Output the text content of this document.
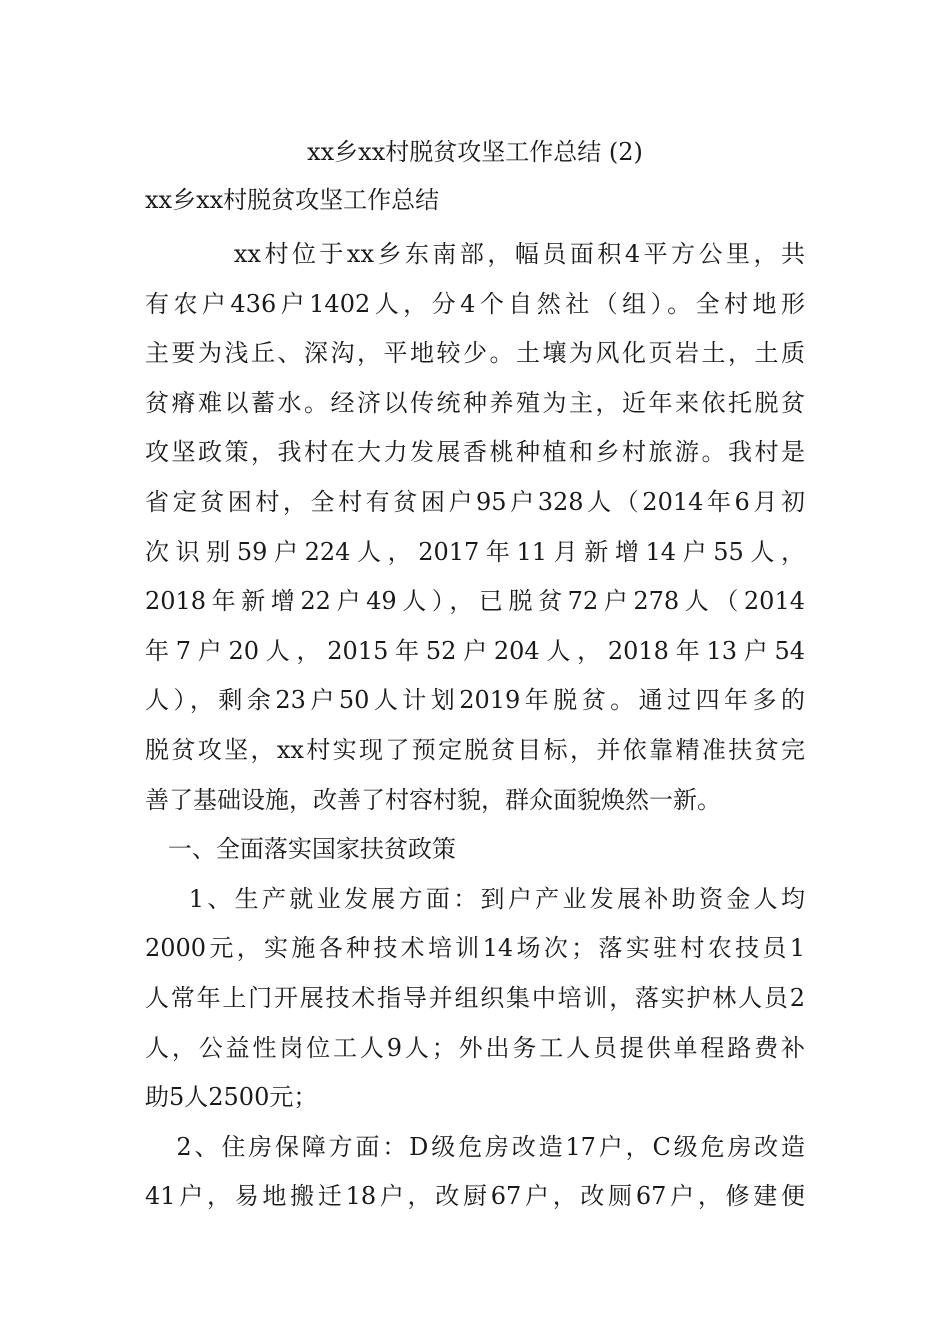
xx乡xx村脱贫攻坚工作总结 (2)
xx乡xx村脱贫攻坚工作总结
xx村位于xx乡东南部，幅员面积4平方公里，共
有农户436户1402人，分4个自然社（组）。全村地形
主要为浅丘、深沟，平地较少。土壤为风化页岩土，土质
贫瘠难以蓄水。经济以传统种养殖为主，近年来依托脱贫
攻坚政策，我村在大力发展香桃种植和乡村旅游。我村是
省定贫困村，全村有贫困户95户328人（2014年6月初
次识别59户224人，2017年11月新增14户55人，
2018年新增22户49人），已脱贫72户278人（2014
年7户20人，2015年52户204人，2018年13户54
人），剩余23户50人计划2019年脱贫。通过四年多的
脱贫攻坚，xx村实现了预定脱贫目标，并依靠精准扶贫完
善了基础设施，改善了村容村貌，群众面貌焕然一新。
一、全面落实国家扶贫政策
1、生产就业发展方面：到户产业发展补助资金人均
2000元，实施各种技术培训14场次；落实驻村农技员1
人常年上门开展技术指导并组织集中培训，落实护林人员2
人，公益性岗位工人9人；外出务工人员提供单程路费补
助5人2500元；
2、住房保障方面：D级危房改造17户，C级危房改造
41户，易地搬迁18户，改厨67户，改厕67户，修建便
